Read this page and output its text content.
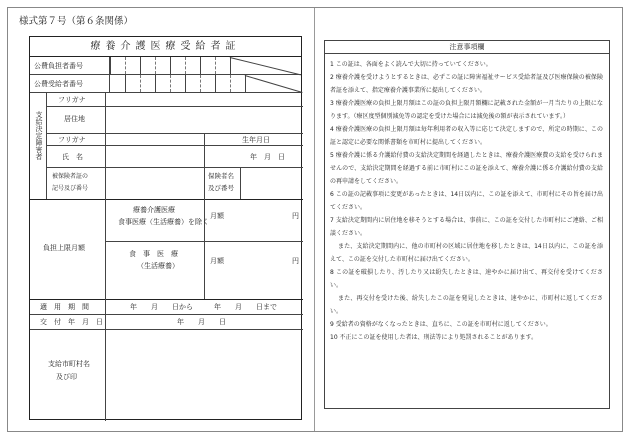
様式第７号（第６条関係）
療養介護医療受給者証
公費負担者番号
公費受給者番号
支給決定障害者
フリガナ
居住地
フリガナ	生年月日
氏　名	年　月　日
被保険者証の
記号及び番号
保険者名
及び番号
負担上限月額
療養介護医療
食事医療（生活療養）を除く
月額	円
食　事　医　療
（生活療養）
月額	円
適　用　期　間	年　　月　　日から　　　年　　月　　日まで
交　付　年　月　日	年　　月　　日
支給市町村名
及び印
注意事項欄
1 この証は、各面をよく読んで大切に持っていてください。
2 療養介護を受けようとするときは、必ずこの証に障害福祉サービス受給者証及び医療保険の被保険者証を添えて、指定療養介護事業所に提出してください。
3 療養介護医療の負担上限月額はこの証の負担上限月額欄に記載された金額が一月当たりの上限になります。（療区度型個別減免等の認定を受けた場合には減免後の額が表示されています。）
4 療養介護医療の負担上限月額は毎年利用者の収入等に応じて決定しますので、所定の時期に、この証と認定に必要な関係書類を市町村に提出してください。
5 療養介護に係る介護給付費の支給決定期間を経過したときは、療養介護医療費の支給を受けられませんので、支給決定期間を経過する前に市町村にこの証を添えて、療養介護に係る介護給付費の支給の再申請をしてください。
6 この証の記載事項に変更があったときは、14日以内に、この証を添えて、市町村にその旨を届け出てください。
7 支給決定期間内に居住地を移そうとする場合は、事前に、この証を交付した市町村にご連絡、ご相談ください。
また、支給決定期間内に、他の市町村の区域に居住地を移したときは、14日以内に、この証を添えて、この証を交付した市町村に届け出てください。
8 この証を破損したり、汚したり又は紛失したときは、速やかに届け出て、再交付を受けてください。
また、再交付を受けた後、紛失したこの証を発見したときは、速やかに、市町村に返してください。
9 受給者の資格がなくなったときは、直ちに、この証を市町村に返してください。
10 不正にこの証を使用した者は、刑法等により処罰されることがあります。
